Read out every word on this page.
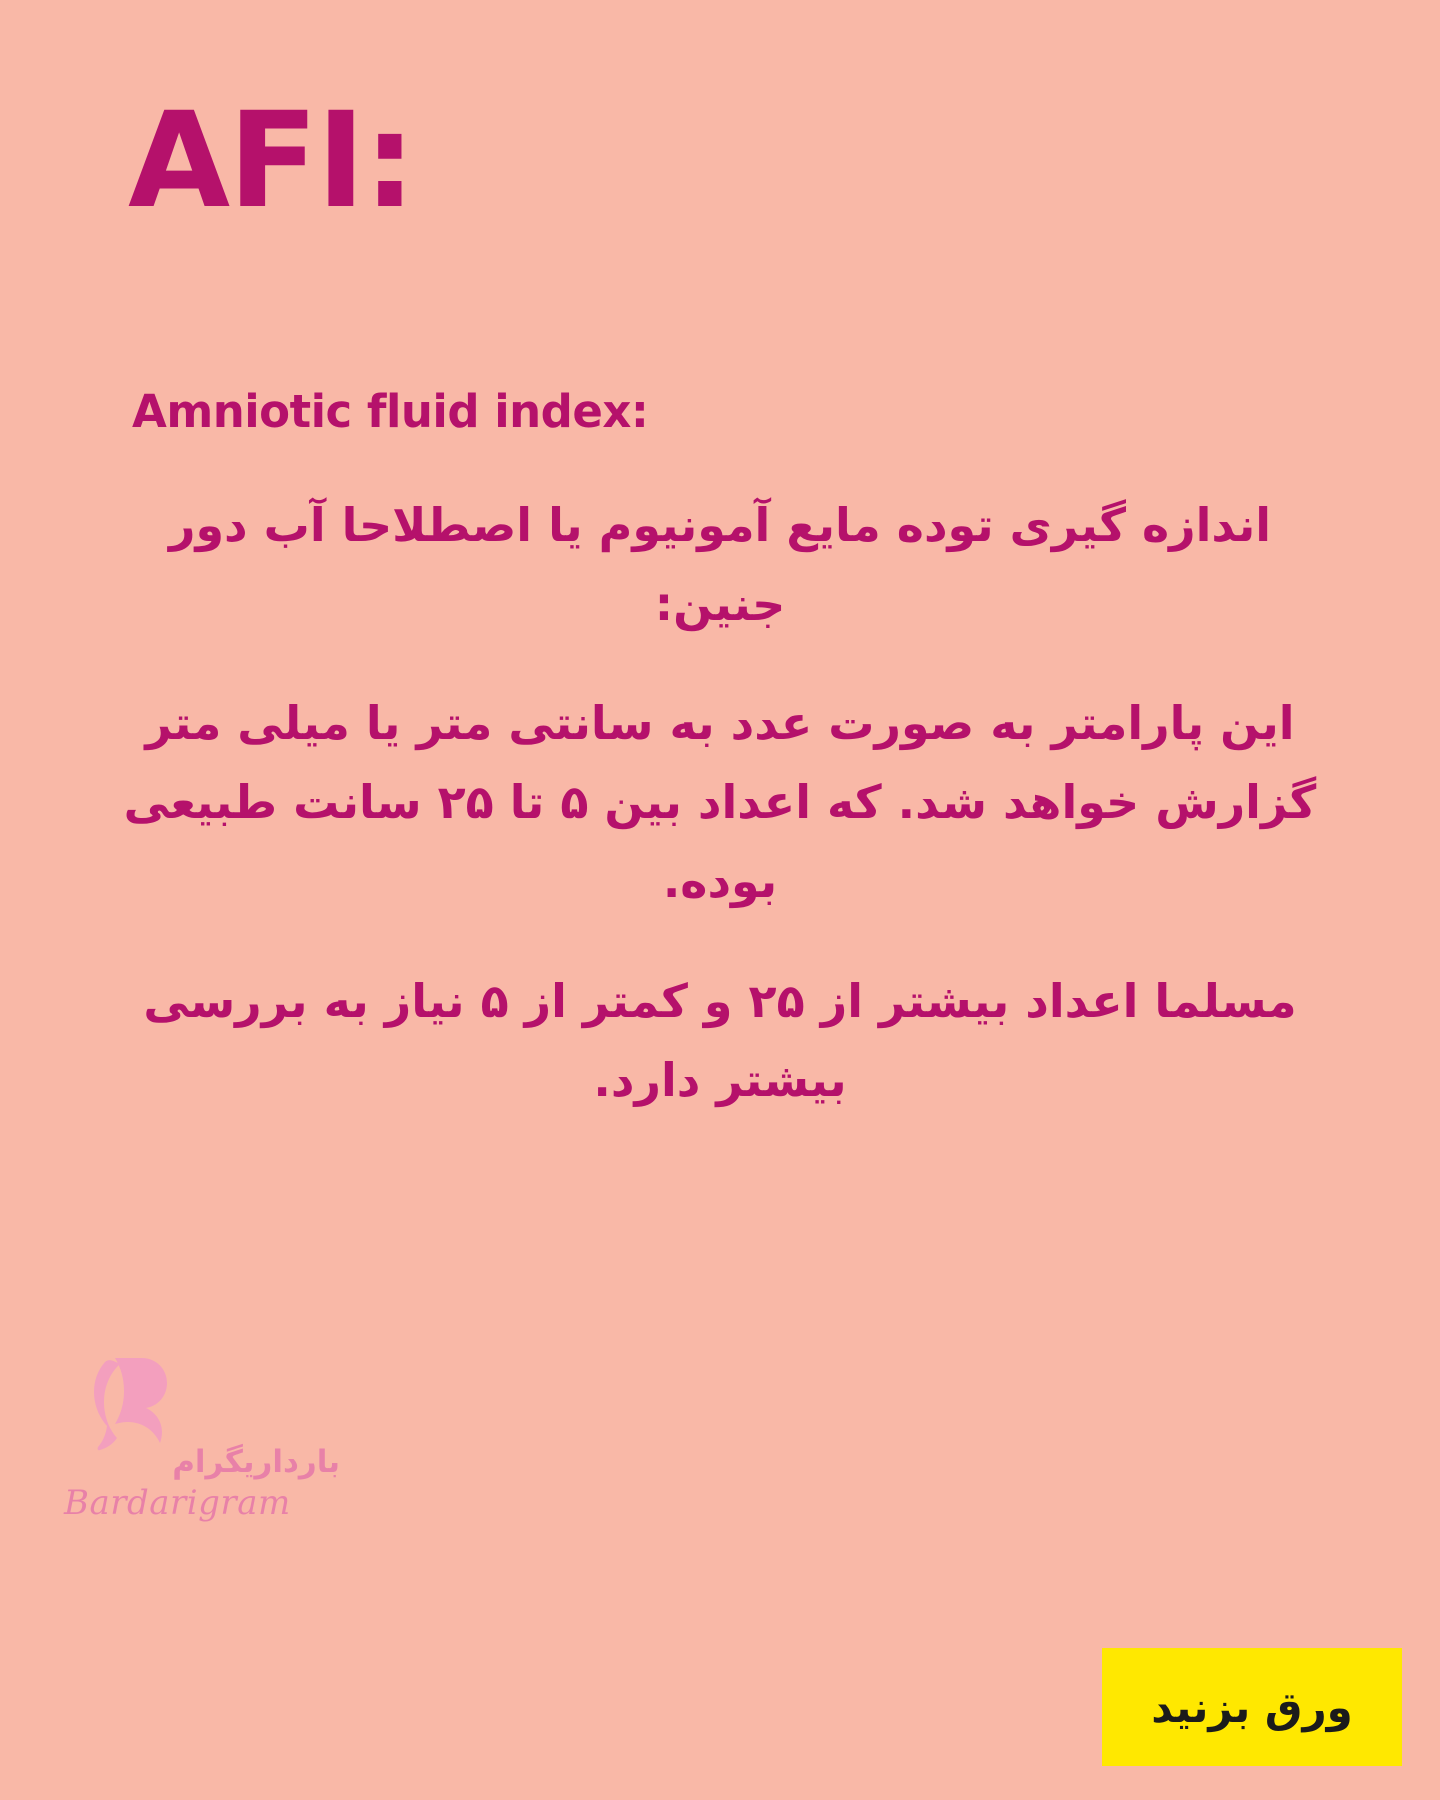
AFI:
Amniotic fluid index:

اندازه گیری توده مایع آمونیوم یا اصطلاحا آب دور جنین:

این پارامتر به صورت عدد به سانتی متر یا میلی متر گزارش خواهد شد. که اعداد بین ۵ تا ۲۵ سانت طبیعی بوده.

مسلما اعداد بیشتر از ۲۵ و کمتر از ۵ نیاز به بررسی بیشتر دارد.

بارداریگرام
Bardarigram
ورق بزنید
